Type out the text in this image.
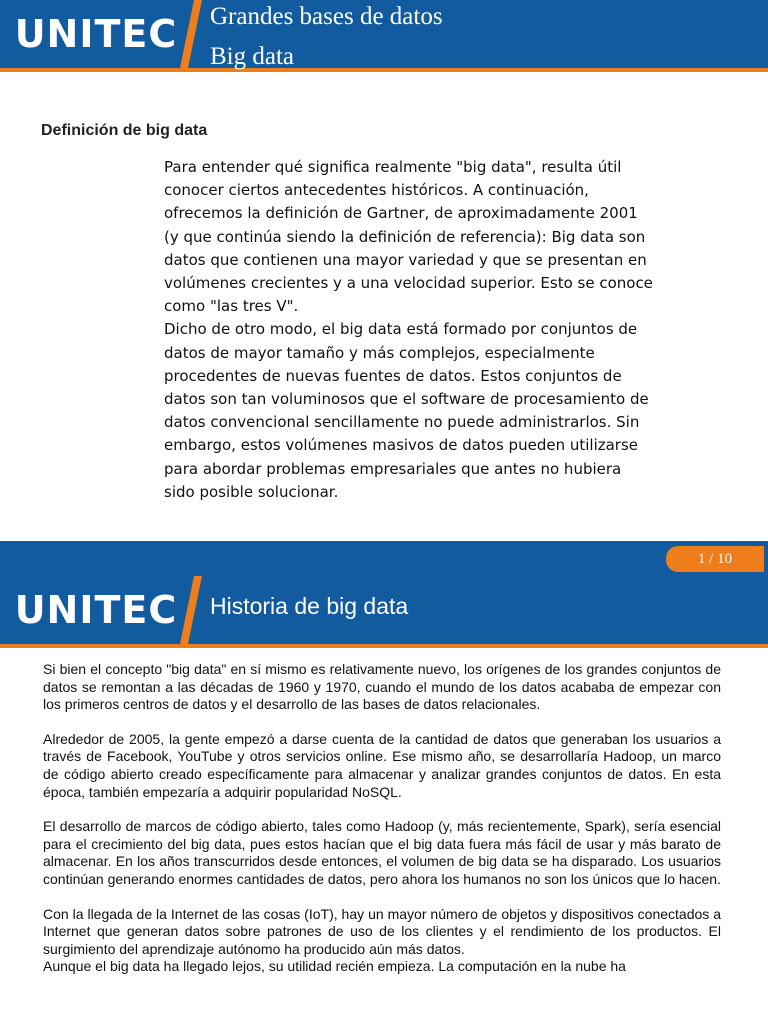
UNITEC	Grandes bases de datos
Big data
Definición de big data

Para entender qué significa realmente "big data", resulta útil conocer ciertos antecedentes históricos. A continuación, ofrecemos la definición de Gartner, de aproximadamente 2001 (y que continúa siendo la definición de referencia): Big data son datos que contienen una mayor variedad y que se presentan en volúmenes crecientes y a una velocidad superior. Esto se conoce como "las tres V".

Dicho de otro modo, el big data está formado por conjuntos de datos de mayor tamaño y más complejos, especialmente procedentes de nuevas fuentes de datos. Estos conjuntos de datos son tan voluminosos que el software de procesamiento de datos convencional sencillamente no puede administrarlos. Sin embargo, estos volúmenes masivos de datos pueden utilizarse para abordar problemas empresariales que antes no hubiera sido posible solucionar.

1 / 10
UNITEC	Historia de big data

Si bien el concepto "big data" en sí mismo es relativamente nuevo, los orígenes de los grandes conjuntos de datos se remontan a las décadas de 1960 y 1970, cuando el mundo de los datos acababa de empezar con los primeros centros de datos y el desarrollo de las bases de datos relacionales.

Alrededor de 2005, la gente empezó a darse cuenta de la cantidad de datos que generaban los usuarios a través de Facebook, YouTube y otros servicios online. Ese mismo año, se desarrollaría Hadoop, un marco de código abierto creado específicamente para almacenar y analizar grandes conjuntos de datos. En esta época, también empezaría a adquirir popularidad NoSQL.

El desarrollo de marcos de código abierto, tales como Hadoop (y, más recientemente, Spark), sería esencial para el crecimiento del big data, pues estos hacían que el big data fuera más fácil de usar y más barato de almacenar. En los años transcurridos desde entonces, el volumen de big data se ha disparado. Los usuarios continúan generando enormes cantidades de datos, pero ahora los humanos no son los únicos que lo hacen.

Con la llegada de la Internet de las cosas (IoT), hay un mayor número de objetos y dispositivos conectados a Internet que generan datos sobre patrones de uso de los clientes y el rendimiento de los productos. El surgimiento del aprendizaje autónomo ha producido aún más datos.

Aunque el big data ha llegado lejos, su utilidad recién empieza. La computación en la nube ha
